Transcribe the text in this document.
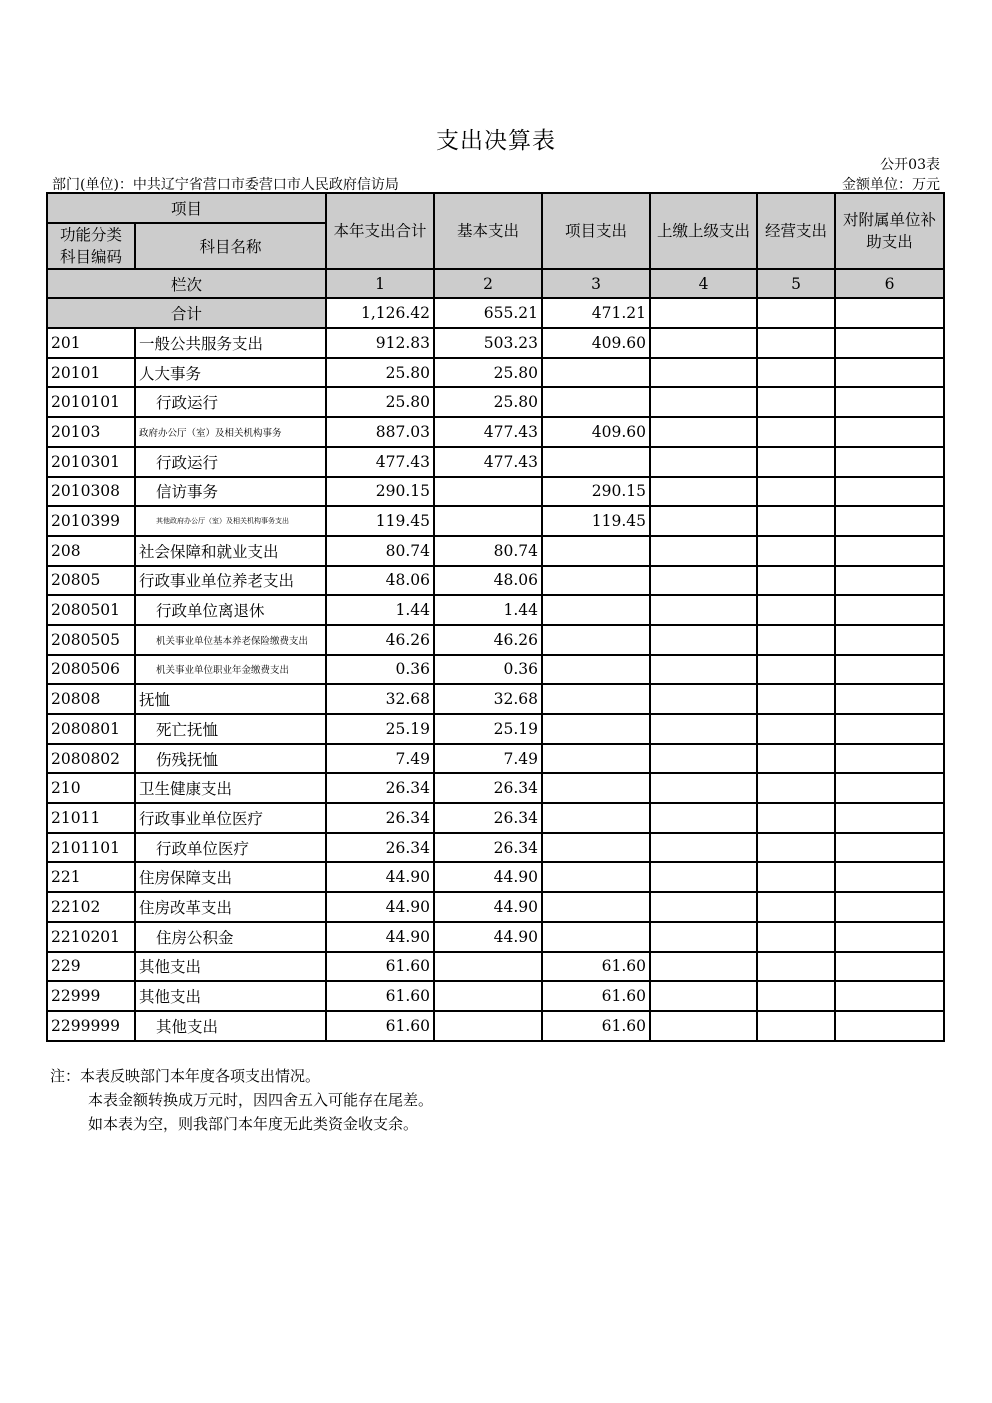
支出决算表
公开03表
部门(单位)：中共辽宁省营口市委营口市人民政府信访局	金额单位：万元
项目		本年支出合计	基本支出	项目支出	上缴上级支出	经营支出	对附属单位补助支出
功能分类 科目编码	科目名称						
栏次		1	2	3	4	5	6
合计		1,126.42	655.21	471.21			
201	一般公共服务支出	912.83	503.23	409.60			
20101	人大事务	25.80	25.80				
2010101	行政运行	25.80	25.80				
20103	政府办公厅（室）及相关机构事务	887.03	477.43	409.60			
2010301	行政运行	477.43	477.43				
2010308	信访事务	290.15		290.15			
2010399	其他政府办公厅（室）及相关机构事务支出	119.45		119.45			
208	社会保障和就业支出	80.74	80.74				
20805	行政事业单位养老支出	48.06	48.06				
2080501	行政单位离退休	1.44	1.44				
2080505	机关事业单位基本养老保险缴费支出	46.26	46.26				
2080506	机关事业单位职业年金缴费支出	0.36	0.36				
20808	抚恤	32.68	32.68				
2080801	死亡抚恤	25.19	25.19				
2080802	伤残抚恤	7.49	7.49				
210	卫生健康支出	26.34	26.34				
21011	行政事业单位医疗	26.34	26.34				
2101101	行政单位医疗	26.34	26.34				
221	住房保障支出	44.90	44.90				
22102	住房改革支出	44.90	44.90				
2210201	住房公积金	44.90	44.90				
229	其他支出	61.60		61.60			
22999	其他支出	61.60		61.60			
2299999	其他支出	61.60		61.60			
注：本表反映部门本年度各项支出情况。
本表金额转换成万元时，因四舍五入可能存在尾差。
如本表为空，则我部门本年度无此类资金收支余。
